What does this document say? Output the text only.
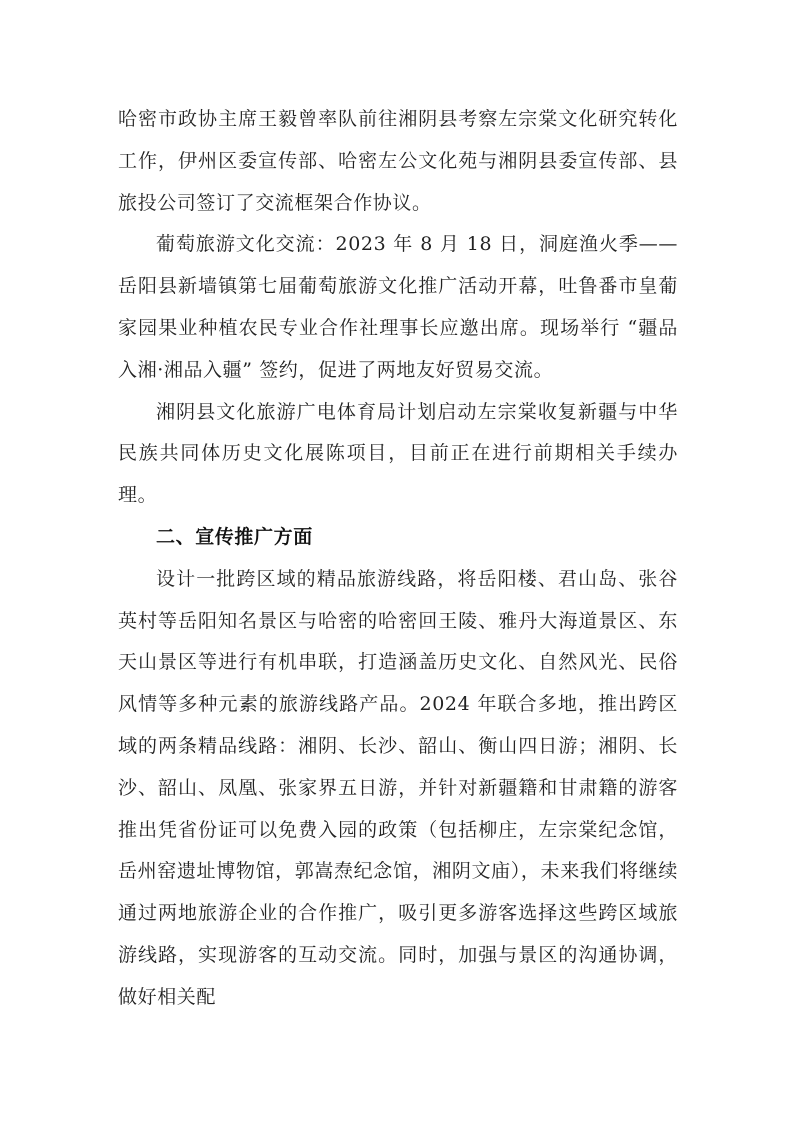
哈密市政协主席王毅曾率队前往湘阴县考察左宗棠文化研究转化工作，伊州区委宣传部、哈密左公文化苑与湘阴县委宣传部、县旅投公司签订了交流框架合作协议。

葡萄旅游文化交流：2023 年 8 月 18 日，洞庭渔火季—— 岳阳县新墙镇第七届葡萄旅游文化推广活动开幕，吐鲁番市皇葡家园果业种植农民专业合作社理事长应邀出席。现场举行 “疆品入湘·湘品入疆” 签约，促进了两地友好贸易交流。

湘阴县文化旅游广电体育局计划启动左宗棠收复新疆与中华民族共同体历史文化展陈项目，目前正在进行前期相关手续办理。

二、宣传推广方面

设计一批跨区域的精品旅游线路，将岳阳楼、君山岛、张谷英村等岳阳知名景区与哈密的哈密回王陵、雅丹大海道景区、东天山景区等进行有机串联，打造涵盖历史文化、自然风光、民俗风情等多种元素的旅游线路产品。2024 年联合多地，推出跨区域的两条精品线路：湘阴、长沙、韶山、衡山四日游；湘阴、长沙、韶山、凤凰、张家界五日游，并针对新疆籍和甘肃籍的游客推出凭省份证可以免费入园的政策（包括柳庄，左宗棠纪念馆，岳州窑遗址博物馆，郭嵩焘纪念馆，湘阴文庙），未来我们将继续通过两地旅游企业的合作推广，吸引更多游客选择这些跨区域旅游线路，实现游客的互动交流。同时，加强与景区的沟通协调，做好相关配
